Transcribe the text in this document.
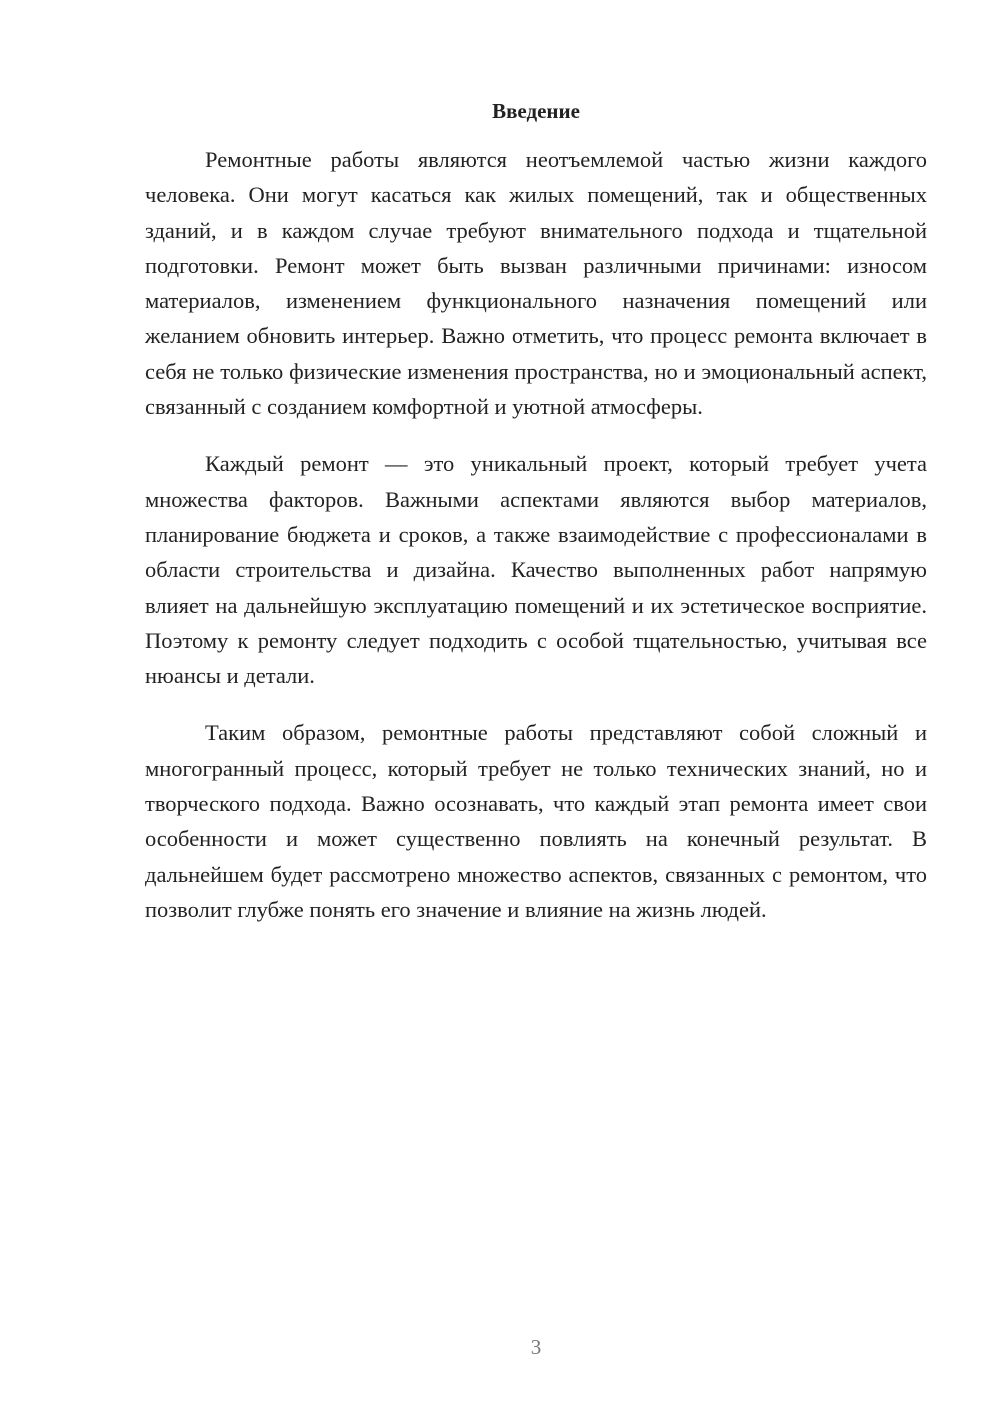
Введение

Ремонтные работы являются неотъемлемой частью жизни каждого человека. Они могут касаться как жилых помещений, так и общественных зданий, и в каждом случае требуют внимательного подхода и тщательной подготовки. Ремонт может быть вызван различными причинами: износом материалов, изменением функционального назначения помещений или желанием обновить интерьер. Важно отметить, что процесс ремонта включает в себя не только физические изменения пространства, но и эмоциональный аспект, связанный с созданием комфортной и уютной атмосферы.

Каждый ремонт — это уникальный проект, который требует учета множества факторов. Важными аспектами являются выбор материалов, планирование бюджета и сроков, а также взаимодействие с профессионалами в области строительства и дизайна. Качество выполненных работ напрямую влияет на дальнейшую эксплуатацию помещений и их эстетическое восприятие. Поэтому к ремонту следует подходить с особой тщательностью, учитывая все нюансы и детали.

Таким образом, ремонтные работы представляют собой сложный и многогранный процесс, который требует не только технических знаний, но и творческого подхода. Важно осознавать, что каждый этап ремонта имеет свои особенности и может существенно повлиять на конечный результат. В дальнейшем будет рассмотрено множество аспектов, связанных с ремонтом, что позволит глубже понять его значение и влияние на жизнь людей.

3
